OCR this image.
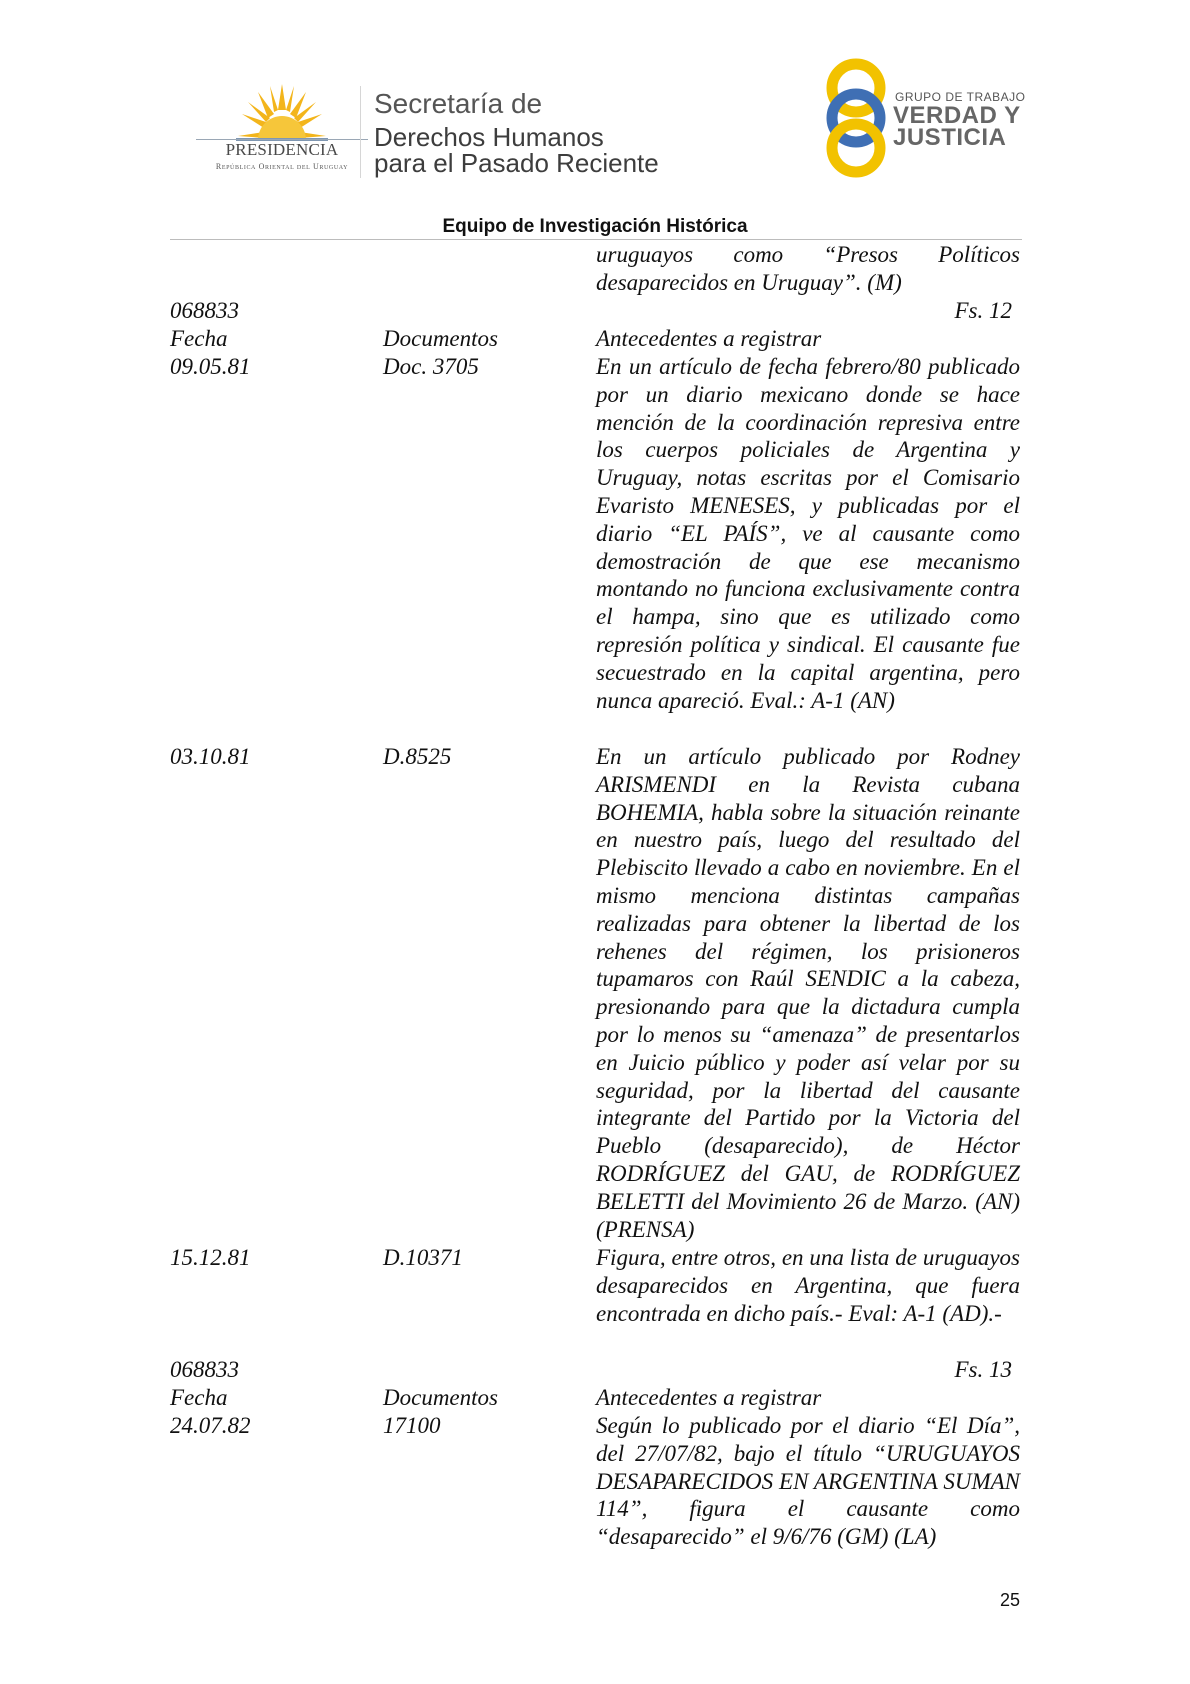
PRESIDENCIA
República Oriental del Uruguay
Secretaría de
Derechos Humanos
para el Pasado Reciente
GRUPO DE TRABAJO
VERDAD Y
JUSTICIA
Equipo de Investigación Histórica
uruguayos como “Presos Políticos
desaparecidos en Uruguay”. (M)
068833	Fs. 12
Fecha	Documentos	Antecedentes a registrar
09.05.81	Doc. 3705	En un artículo de fecha febrero/80 publicado por un diario mexicano donde se hace mención de la coordinación represiva entre los cuerpos policiales de Argentina y Uruguay, notas escritas por el Comisario Evaristo MENESES, y publicadas por el diario “EL PAÍS”, ve al causante como demostración de que ese mecanismo montando no funciona exclusivamente contra el hampa, sino que es utilizado como represión política y sindical. El causante fue secuestrado en la capital argentina, pero nunca apareció. Eval.: A-1 (AN)
03.10.81	D.8525	En un artículo publicado por Rodney ARISMENDI en la Revista cubana BOHEMIA, habla sobre la situación reinante en nuestro país, luego del resultado del Plebiscito llevado a cabo en noviembre. En el mismo menciona distintas campañas realizadas para obtener la libertad de los rehenes del régimen, los prisioneros tupamaros con Raúl SENDIC a la cabeza, presionando para que la dictadura cumpla por lo menos su “amenaza” de presentarlos en Juicio público y poder así velar por su seguridad, por la libertad del causante integrante del Partido por la Victoria del Pueblo (desaparecido), de Héctor RODRÍGUEZ del GAU, de RODRÍGUEZ BELETTI del Movimiento 26 de Marzo. (AN) (PRENSA)
15.12.81	D.10371	Figura, entre otros, en una lista de uruguayos desaparecidos en Argentina, que fuera encontrada en dicho país.- Eval: A-1 (AD).-
068833	Fs. 13
Fecha	Documentos	Antecedentes a registrar
24.07.82	17100	Según lo publicado por el diario “El Día”, del 27/07/82, bajo el título “URUGUAYOS DESAPARECIDOS EN ARGENTINA SUMAN 114”, figura el causante como “desaparecido” el 9/6/76 (GM) (LA)
25
